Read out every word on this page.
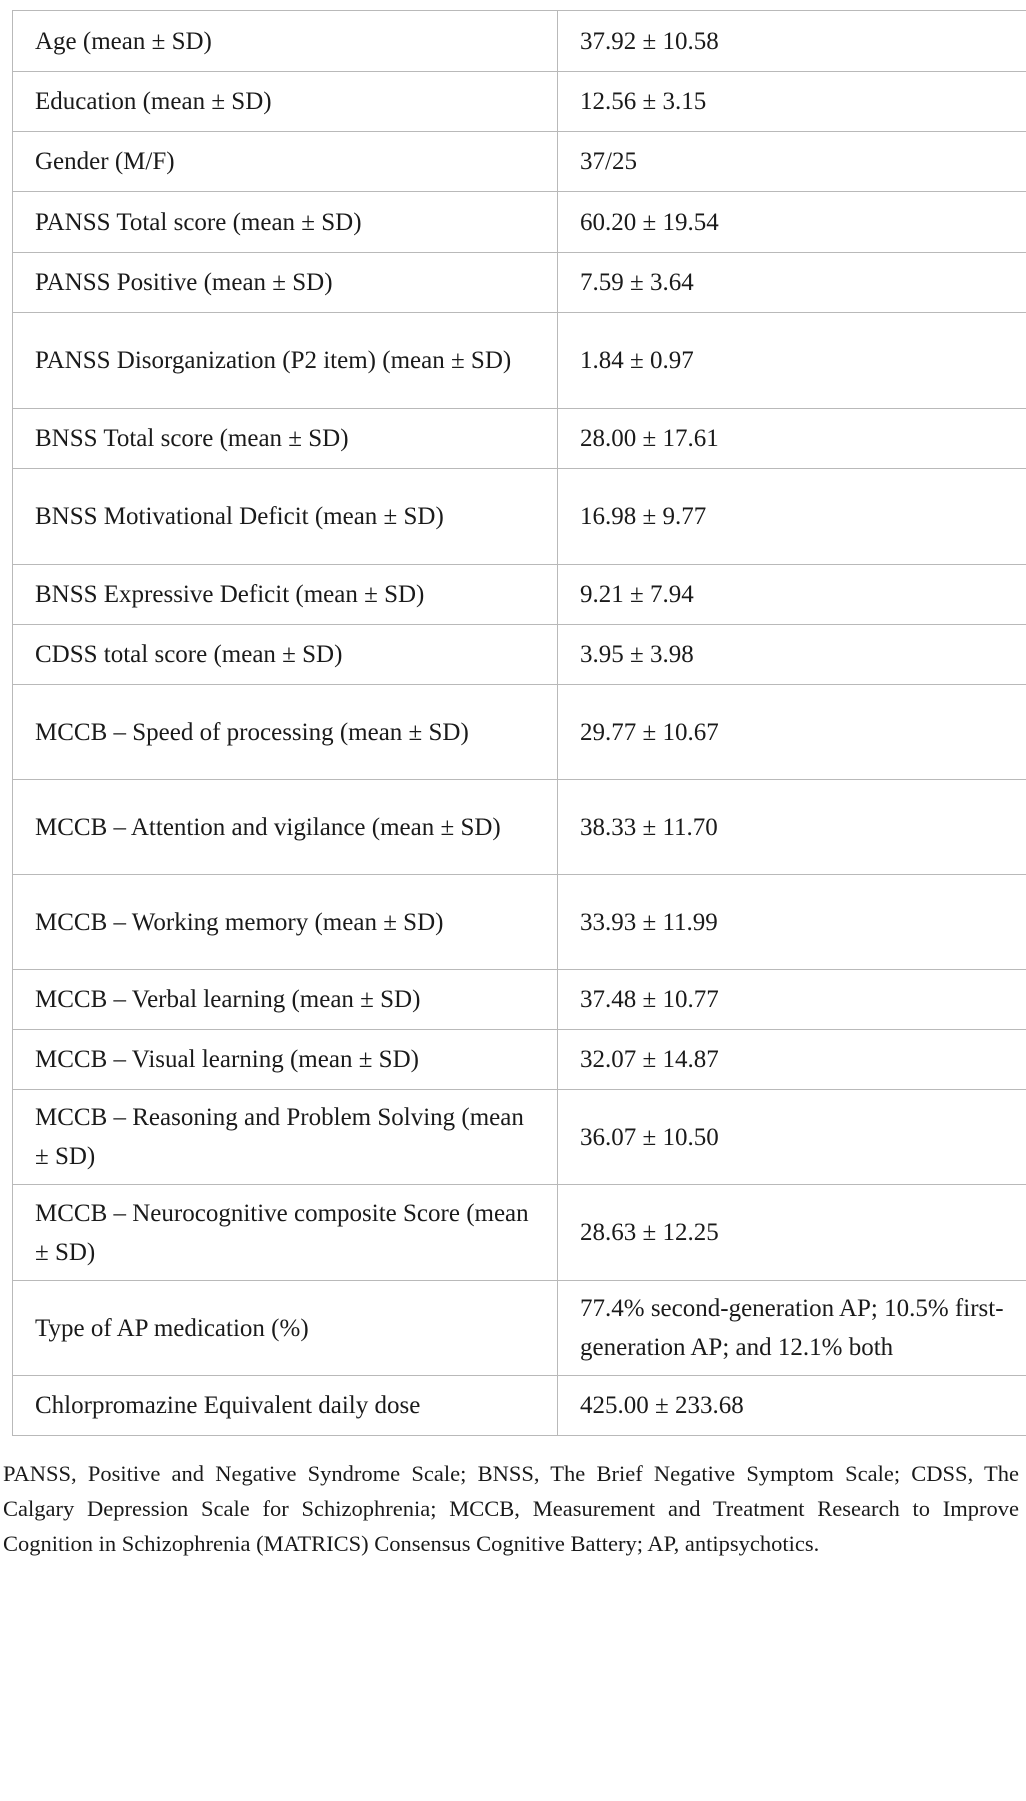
Age (mean ± SD)	37.92 ± 10.58
Education (mean ± SD)	12.56 ± 3.15
Gender (M/F)	37/25
PANSS Total score (mean ± SD)	60.20 ± 19.54
PANSS Positive (mean ± SD)	7.59 ± 3.64
PANSS Disorganization (P2 item) (mean ± SD)	1.84 ± 0.97
BNSS Total score (mean ± SD)	28.00 ± 17.61
BNSS Motivational Deficit (mean ± SD)	16.98 ± 9.77
BNSS Expressive Deficit (mean ± SD)	9.21 ± 7.94
CDSS total score (mean ± SD)	3.95 ± 3.98
MCCB – Speed of processing (mean ± SD)	29.77 ± 10.67
MCCB – Attention and vigilance (mean ± SD)	38.33 ± 11.70
MCCB – Working memory (mean ± SD)	33.93 ± 11.99
MCCB – Verbal learning (mean ± SD)	37.48 ± 10.77
MCCB – Visual learning (mean ± SD)	32.07 ± 14.87
MCCB – Reasoning and Problem Solving (mean ± SD)	36.07 ± 10.50
MCCB – Neurocognitive composite Score (mean ± SD)	28.63 ± 12.25
Type of AP medication (%)	77.4% second-generation AP; 10.5% first-generation AP; and 12.1% both
Chlorpromazine Equivalent daily dose	425.00 ± 233.68

PANSS, Positive and Negative Syndrome Scale; BNSS, The Brief Negative Symptom Scale; CDSS, The Calgary Depression Scale for Schizophrenia; MCCB, Measurement and Treatment Research to Improve Cognition in Schizophrenia (MATRICS) Consensus Cognitive Battery; AP, antipsychotics.
